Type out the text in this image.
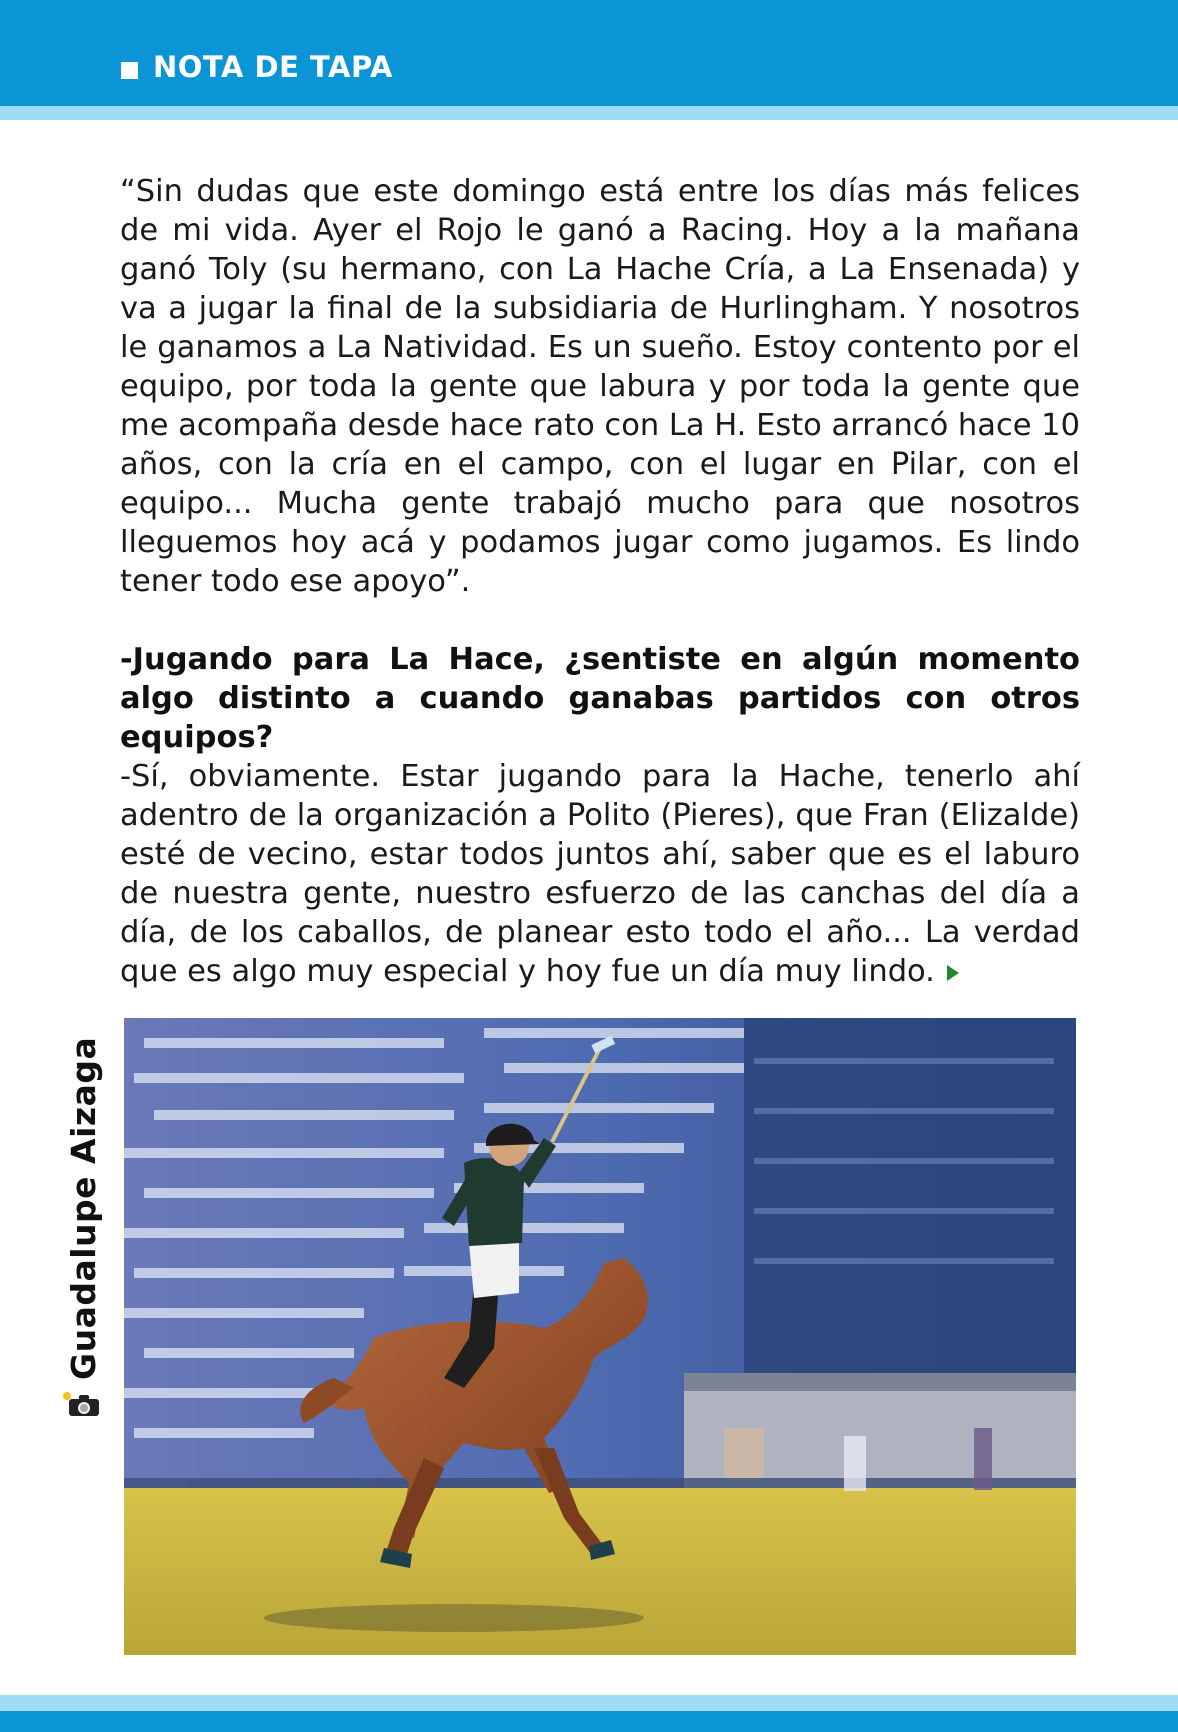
NOTA DE TAPA

“Sin dudas que este domingo está entre los días más felices de mi vida. Ayer el Rojo le ganó a Racing. Hoy a la mañana ganó Toly (su hermano, con La Hache Cría, a La Ensenada) y va a jugar la final de la subsidiaria de Hurlingham. Y nosotros le ganamos a La Natividad. Es un sueño. Estoy contento por el equipo, por toda la gente que labura y por toda la gente que me acompaña desde hace rato con La H. Esto arrancó hace 10 años, con la cría en el campo, con el lugar en Pilar, con el equipo... Mucha gente trabajó mucho para que nosotros lleguemos hoy acá y podamos jugar como jugamos. Es lindo tener todo ese apoyo”.

-Jugando para La Hace, ¿sentiste en algún momento algo distinto a cuando ganabas partidos con otros equipos?

-Sí, obviamente. Estar jugando para la Hache, tenerlo ahí adentro de la organización a Polito (Pieres), que Fran (Elizalde) esté de vecino, estar todos juntos ahí, saber que es el laburo de nuestra gente, nuestro esfuerzo de las canchas del día a día, de los caballos, de planear esto todo el año... La verdad que es algo muy especial y hoy fue un día muy lindo.

Guadalupe Aizaga
